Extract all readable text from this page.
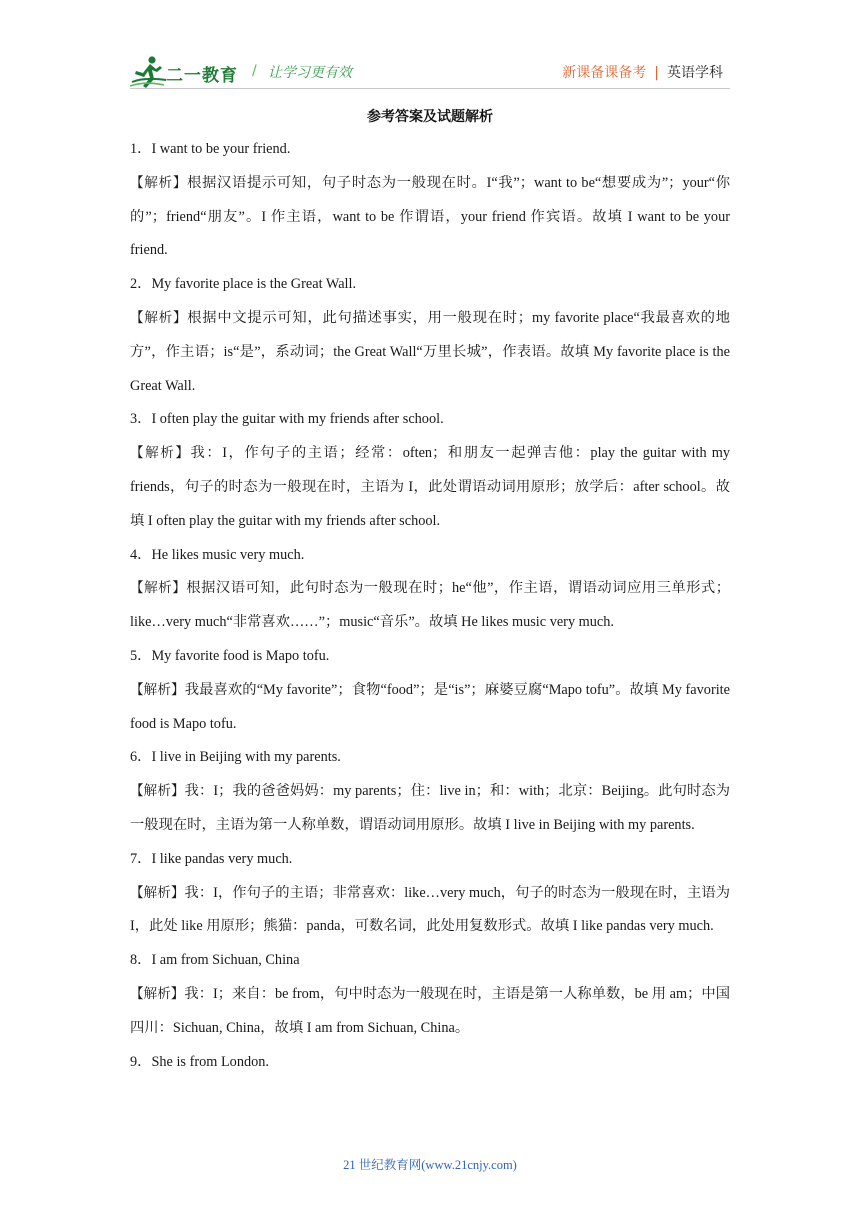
二一教育 / 让学习更有效	新课备课备考 | 英语学科
参考答案及试题解析

1．I want to be your friend.

【解析】根据汉语提示可知，句子时态为一般现在时。I“我”；want to be“想要成为”；your“你的”；friend“朋友”。I 作主语，want to be 作谓语，your friend 作宾语。故填 I want to be your friend.

2．My favorite place is the Great Wall.

【解析】根据中文提示可知，此句描述事实，用一般现在时；my favorite place“我最喜欢的地方”，作主语；is“是”，系动词；the Great Wall“万里长城”，作表语。故填 My favorite place is the Great Wall.

3．I often play the guitar with my friends after school.

【解析】我：I，作句子的主语；经常：often；和朋友一起弹吉他：play the guitar with my friends，句子的时态为一般现在时，主语为 I，此处谓语动词用原形；放学后：after school。故填 I often play the guitar with my friends after school.

4．He likes music very much.

【解析】根据汉语可知，此句时态为一般现在时；he“他”，作主语，谓语动词应用三单形式；like…very much“非常喜欢……”；music“音乐”。故填 He likes music very much.

5．My favorite food is Mapo tofu.

【解析】我最喜欢的“My favorite”；食物“food”；是“is”；麻婆豆腐“Mapo tofu”。故填 My favorite food is Mapo tofu.

6．I live in Beijing with my parents.

【解析】我：I；我的爸爸妈妈：my parents；住：live in；和：with；北京：Beijing。此句时态为一般现在时，主语为第一人称单数，谓语动词用原形。故填 I live in Beijing with my parents.

7．I like pandas very much.

【解析】我：I，作句子的主语；非常喜欢：like…very much，句子的时态为一般现在时，主语为 I，此处 like 用原形；熊猫：panda，可数名词，此处用复数形式。故填 I like pandas very much.

8．I am from Sichuan, China

【解析】我：I；来自：be from，句中时态为一般现在时，主语是第一人称单数，be 用 am；中国四川：Sichuan, China，故填 I am from Sichuan, China。

9．She is from London.

21 世纪教育网(www.21cnjy.com)
